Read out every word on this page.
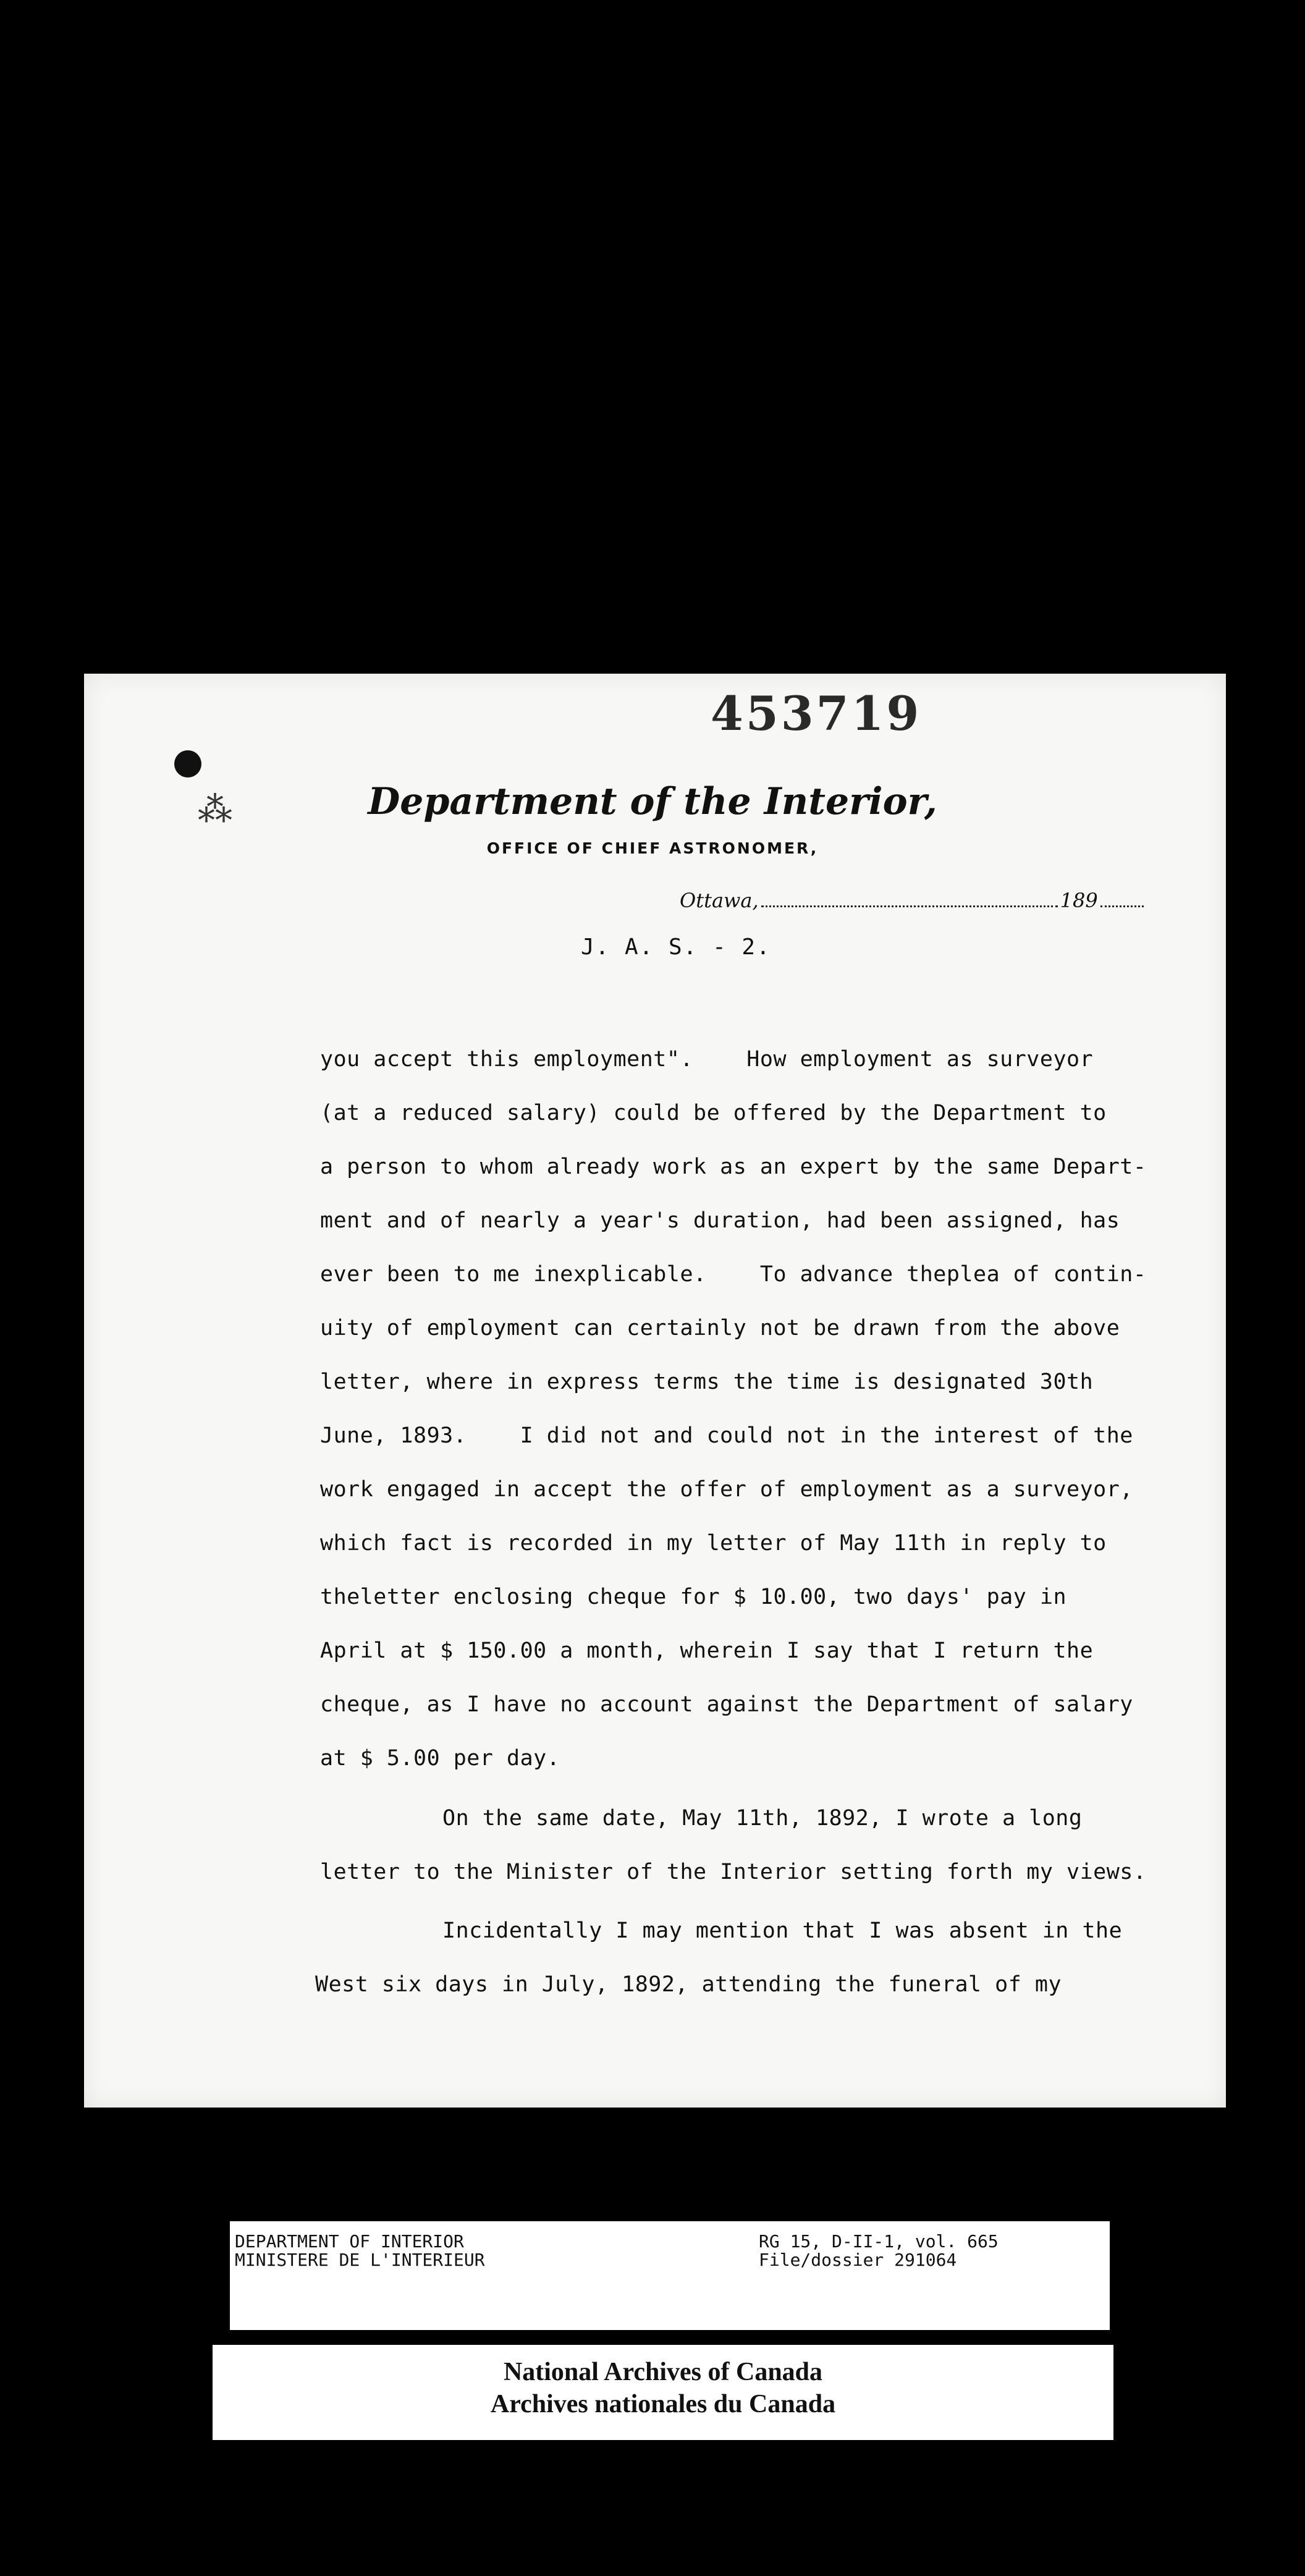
⁂
453719
Department of the Interior,
OFFICE OF CHIEF ASTRONOMER,
Ottawa,	189
J. A. S. - 2.
you accept this employment".    How employment as surveyor
(at a reduced salary) could be offered by the Department to
a person to whom already work as an expert by the same Depart-
ment and of nearly a year's duration, had been assigned, has
ever been to me inexplicable.    To advance theplea of contin-
uity of employment can certainly not be drawn from the above
letter, where in express terms the time is designated 30th
June, 1893.    I did not and could not in the interest of the
work engaged in accept the offer of employment as a surveyor,
which fact is recorded in my letter of May 11th in reply to
theletter enclosing cheque for $ 10.00, two days' pay in
April at $ 150.00 a month, wherein I say that I return the
cheque, as I have no account against the Department of salary
at $ 5.00 per day.
On the same date, May 11th, 1892, I wrote a long
letter to the Minister of the Interior setting forth my views.
Incidentally I may mention that I was absent in the
West six days in July, 1892, attending the funeral of my
DEPARTMENT OF INTERIOR
MINISTERE DE L'INTERIEUR
RG 15, D-II-1, vol. 665
File/dossier 291064
National Archives of Canada
Archives nationales du Canada
